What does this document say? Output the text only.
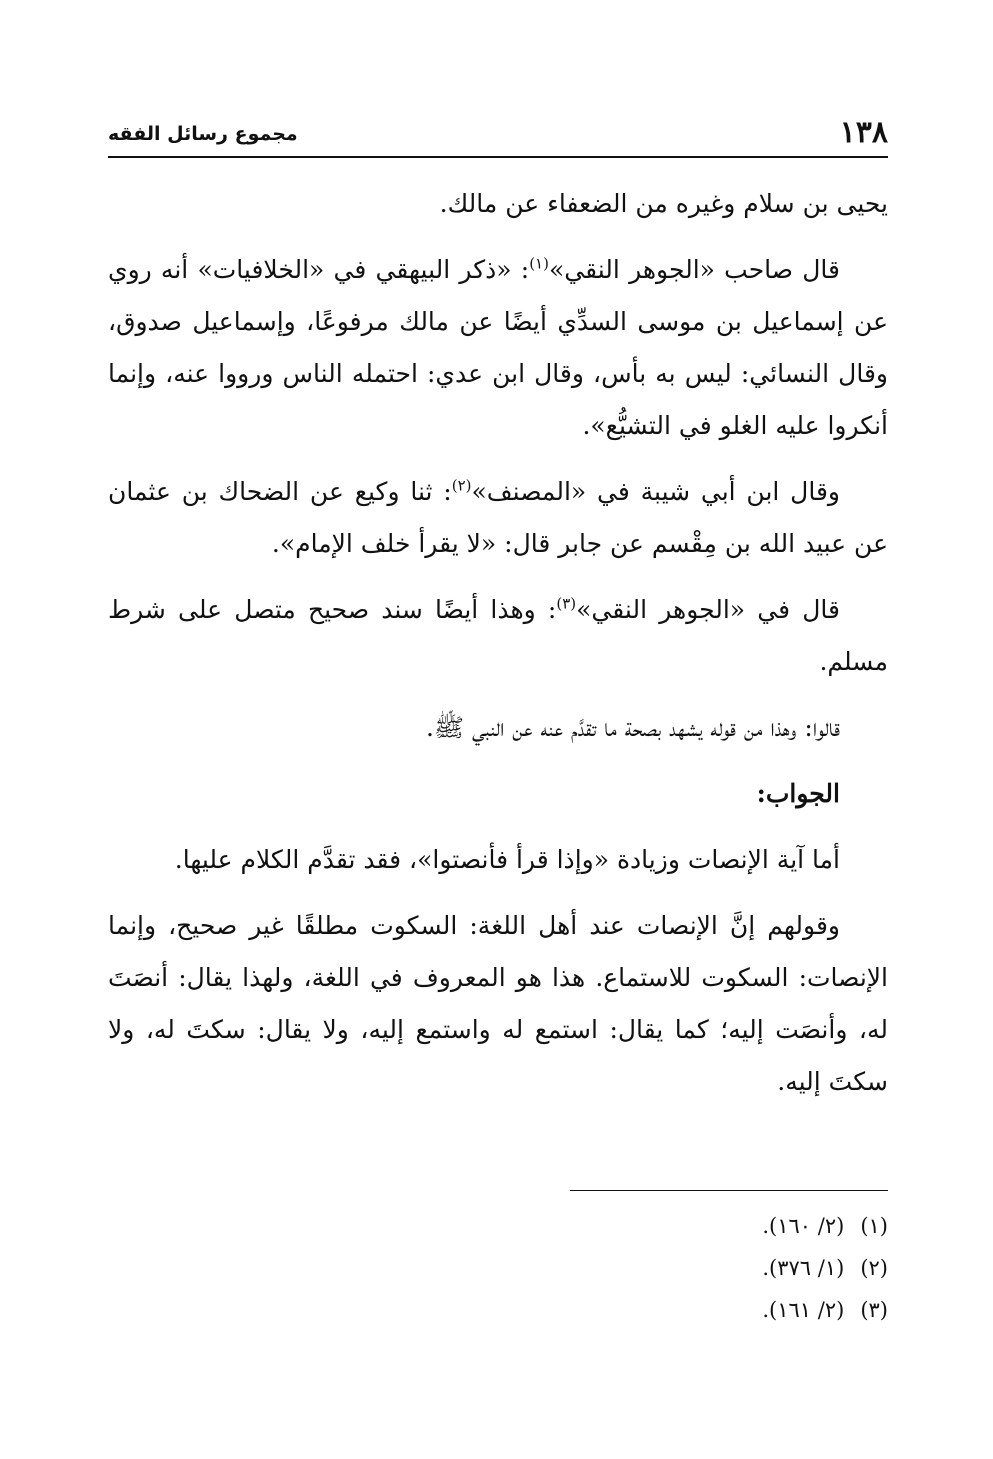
١٣٨
مجموع رسائل الفقه

يحيى بن سلام وغيره من الضعفاء عن مالك.

قال صاحب «الجوهر النقي»$^{(١)}$: «ذكر البيهقي في «الخلافيات» أنه روي عن إسماعيل بن موسى السدِّي أيضًا عن مالك مرفوعًا، وإسماعيل صدوق، وقال النسائي: ليس به بأس، وقال ابن عدي: احتمله الناس ورووا عنه، وإنما أنكروا عليه الغلو في التشيُّع».

وقال ابن أبي شيبة في «المصنف»$^{(٢)}$: ثنا وكيع عن الضحاك بن عثمان عن عبيد الله بن مِقْسم عن جابر قال: «لا يقرأ خلف الإمام».

قال في «الجوهر النقي»$^{(٣)}$: وهذا أيضًا سند صحيح متصل على شرط مسلم.

قالوا: وهذا من قوله يشهد بصحة ما تقدَّم عنه عن النبي ﷺ.

الجواب:

أما آية الإنصات وزيادة «وإذا قرأ فأنصتوا»، فقد تقدَّم الكلام عليها.

وقولهم إنَّ الإنصات عند أهل اللغة: السكوت مطلقًا غير صحيح، وإنما الإنصات: السكوت للاستماع. هذا هو المعروف في اللغة، ولهذا يقال: أنصَتَ له، وأنصَت إليه؛ كما يقال: استمع له واستمع إليه، ولا يقال: سكتَ له، ولا سكتَ إليه.

(١)(٢/ ١٦٠).
(٢)(١/ ٣٧٦).
(٣)(٢/ ١٦١).
